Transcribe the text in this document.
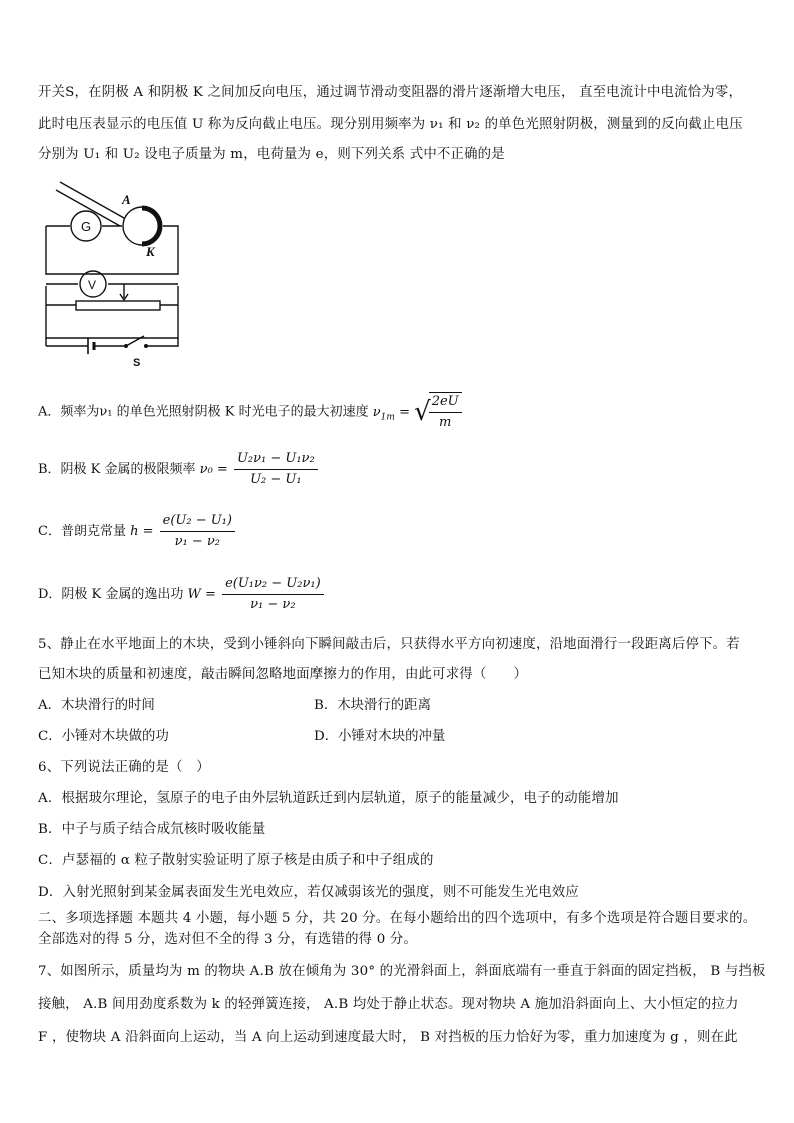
开关S，在阴极 A 和阴极 K 之间加反向电压，通过调节滑动变阻器的滑片逐渐增大电压， 直至电流计中电流恰为零，
此时电压表显示的电压值 U 称为反向截止电压。现分别用频率为 ν₁ 和 ν₂ 的单色光照射阴极，测量到的反向截止电压
分别为 U₁ 和 U₂ 设电子质量为 m，电荷量为 e，则下列关系 式中不正确的是
G
A
K
V
S
A．频率为ν₁ 的单色光照射阴极 K 时光电子的最大初速度 $\nu_{1m}$ = √
$\frac{2eU}{m}$
B．阴极 K 金属的极限频率 $\nu_0 = \frac{\text{U₂ν₁ − U₁ν₂}}{\text{U₂ − U₁}}$
C．普朗克常量 $h = \frac{\text{e(U₂ − U₁)}}{\text{ν₁ − ν₂}}$
D．阴极 K 金属的逸出功 $W = \frac{\text{e(U₁ν₂ − U₂ν₁)}}{\text{ν₁ − ν₂}}$
5、静止在水平地面上的木块，受到小锤斜向下瞬间敲击后，只获得水平方向初速度，沿地面滑行一段距离后停下。若
已知木块的质量和初速度，敲击瞬间忽略地面摩擦力的作用，由此可求得（　　）
A．木块滑行的时间	B．木块滑行的距离
C．小锤对木块做的功	D．小锤对木块的冲量
6、下列说法正确的是（　）
A．根据玻尔理论，氢原子的电子由外层轨道跃迁到内层轨道，原子的能量减少，电子的动能增加
B．中子与质子结合成氘核时吸收能量
C．卢瑟福的 α 粒子散射实验证明了原子核是由质子和中子组成的
D．入射光照射到某金属表面发生光电效应，若仅减弱该光的强度，则不可能发生光电效应
二、多项选择题 本题共 4 小题，每小题 5 分，共 20 分。在每小题给出的四个选项中，有多个选项是符合题目要求的。
全部选对的得 5 分，选对但不全的得 3 分，有选错的得 0 分。
7、如图所示，质量均为 m 的物块 A.B 放在倾角为 30° 的光滑斜面上，斜面底端有一垂直于斜面的固定挡板， B 与挡板
接触， A.B 间用劲度系数为 k 的轻弹簧连接， A.B 均处于静止状态。现对物块 A 施加沿斜面向上、大小恒定的拉力
F ，使物块 A 沿斜面向上运动，当 A 向上运动到速度最大时， B 对挡板的压力恰好为零，重力加速度为 g ，则在此
